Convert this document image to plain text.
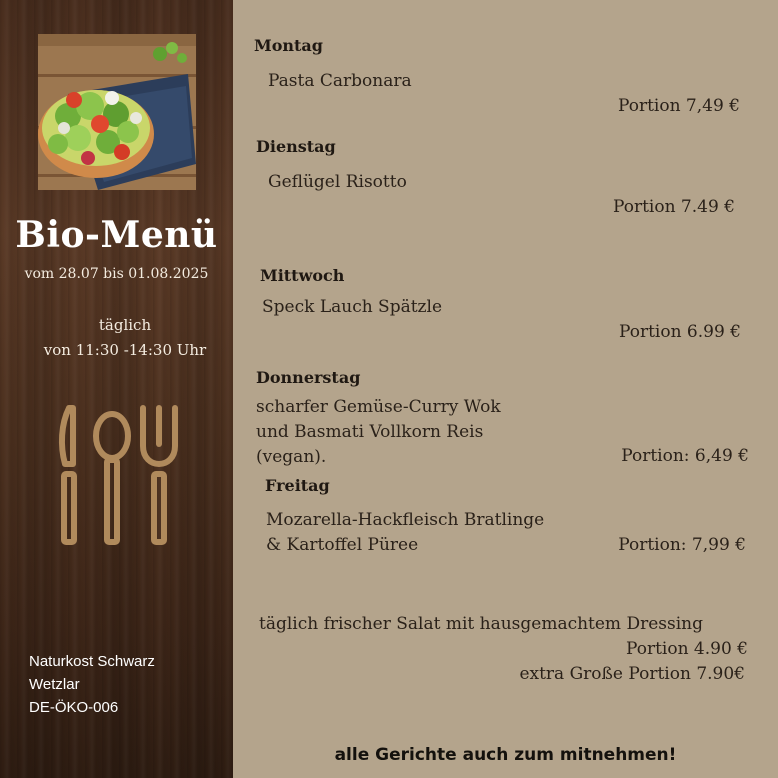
Bio-Menü
vom 28.07 bis 01.08.2025
täglich
von 11:30 -14:30 Uhr
Naturkost Schwarz
Wetzlar
DE-ÖKO-006
Montag
Pasta Carbonara
Portion 7,49 €
Dienstag
Geflügel Risotto
Portion 7.49 €
Mittwoch
Speck Lauch Spätzle
Portion 6.99 €
Donnerstag
scharfer Gemüse-Curry Wok
und Basmati Vollkorn Reis
(vegan).	Portion: 6,49 €
Freitag
Mozarella-Hackfleisch Bratlinge
& Kartoffel Püree	Portion: 7,99 €
täglich frischer Salat mit hausgemachtem Dressing
Portion 4.90 €
extra Große Portion 7.90€
alle Gerichte auch zum mitnehmen!
